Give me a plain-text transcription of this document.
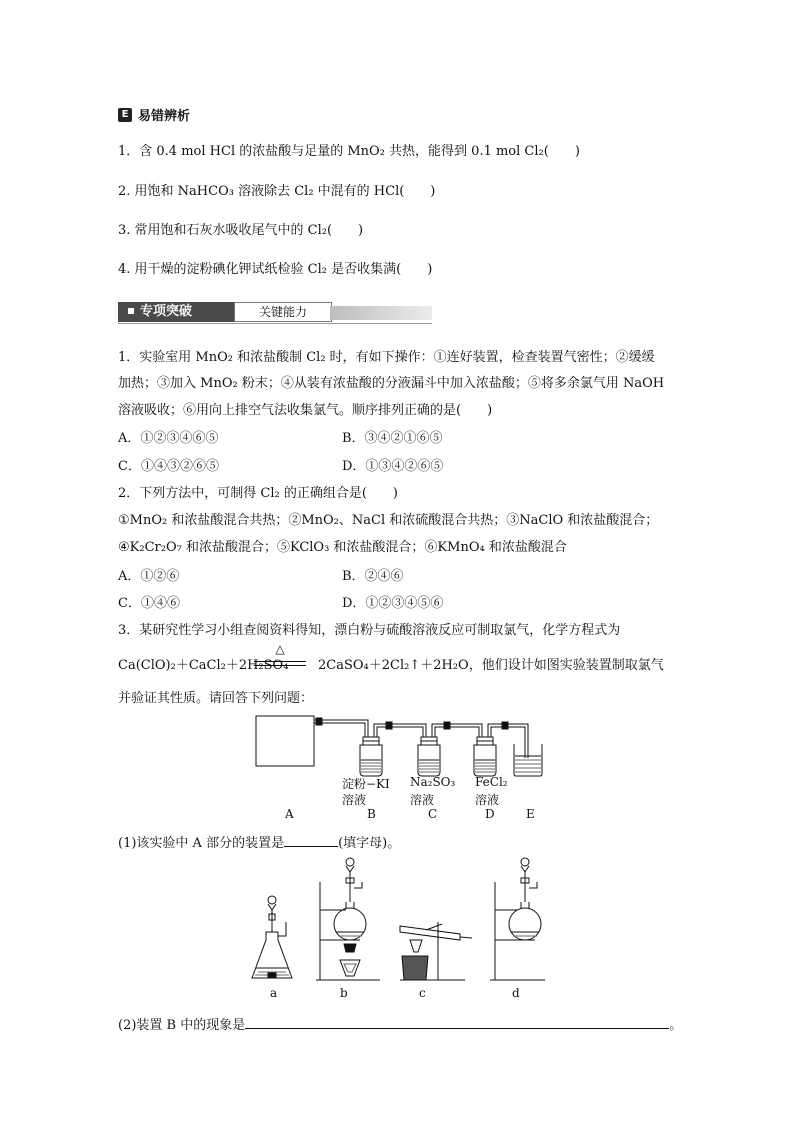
E 易错辨析
1．含 0.4 mol HCl 的浓盐酸与足量的 MnO₂ 共热，能得到 0.1 mol Cl₂(　　)
2. 用饱和 NaHCO₃ 溶液除去 Cl₂ 中混有的 HCl(　　)
3. 常用饱和石灰水吸收尾气中的 Cl₂(　　)
4. 用干燥的淀粉碘化钾试纸检验 Cl₂ 是否收集满(　　)
专项突破	关键能力
1．实验室用 MnO₂ 和浓盐酸制 Cl₂ 时，有如下操作：①连好装置，检查装置气密性；②缓缓
加热；③加入 MnO₂ 粉末；④从装有浓盐酸的分液漏斗中加入浓盐酸；⑤将多余氯气用 NaOH
溶液吸收；⑥用向上排空气法收集氯气。顺序排列正确的是(　　)
A．①②③④⑥⑤	B．③④②①⑥⑤
C．①④③②⑥⑤	D．①③④②⑥⑤
2．下列方法中，可制得 Cl₂ 的正确组合是(　　)
①MnO₂ 和浓盐酸混合共热；②MnO₂、NaCl 和浓硫酸混合共热；③NaClO 和浓盐酸混合；
④K₂Cr₂O₇ 和浓盐酸混合；⑤KClO₃ 和浓盐酸混合；⑥KMnO₄ 和浓盐酸混合
A．①②⑥	B．②④⑥
C．①④⑥	D．①②③④⑤⑥
3．某研究性学习小组查阅资料得知，漂白粉与硫酸溶液反应可制取氯气，化学方程式为
Ca(ClO)₂＋CaCl₂＋2H₂SO₄
△
2CaSO₄＋2Cl₂↑＋2H₂O，他们设计如图实验装置制取氯气
并验证其性质。请回答下列问题：
淀粉−KI
溶液
Na₂SO₃
溶液
FeCl₂
溶液
A	B	C	D	E
(1)该实验中 A 部分的装置是	(填字母)。
a	b	c	d
(2)装置 B 中的现象是	。
